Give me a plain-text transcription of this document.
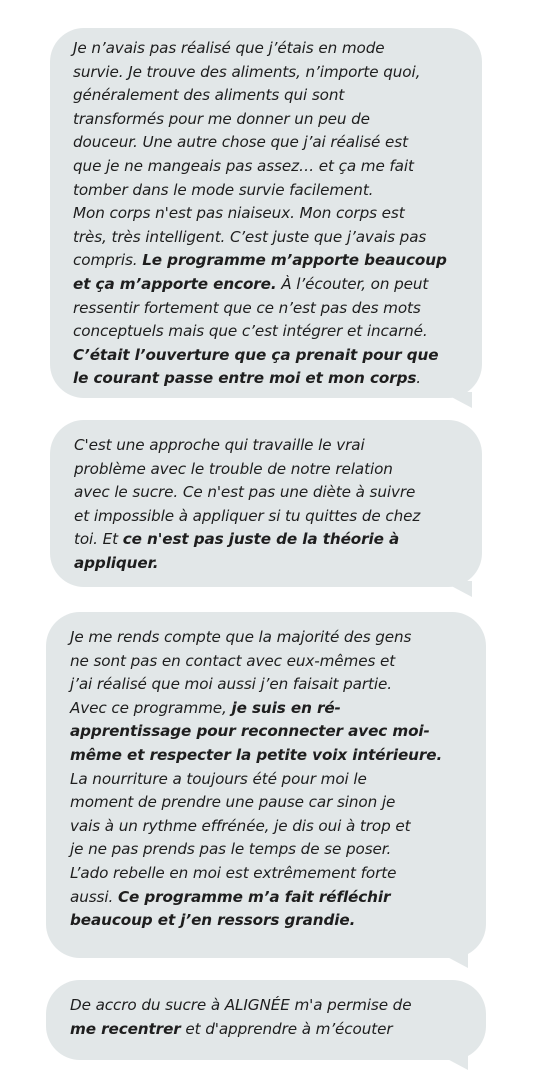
Je n’avais pas réalisé que j’étais en mode
survie. Je trouve des aliments, n’importe quoi,
généralement des aliments qui sont
transformés pour me donner un peu de
douceur. Une autre chose que j’ai réalisé est
que je ne mangeais pas assez… et ça me fait
tomber dans le mode survie facilement.
Mon corps n'est pas niaiseux. Mon corps est
très, très intelligent. C’est juste que j’avais pas
compris. Le programme m’apporte beaucoup
et ça m’apporte encore. À l’écouter, on peut
ressentir fortement que ce n’est pas des mots
conceptuels mais que c’est intégrer et incarné.
C’était l’ouverture que ça prenait pour que
le courant passe entre moi et mon corps.
C'est une approche qui travaille le vrai
problème avec le trouble de notre relation
avec le sucre. Ce n'est pas une diète à suivre
et impossible à appliquer si tu quittes de chez
toi. Et ce n'est pas juste de la théorie à
appliquer.
Je me rends compte que la majorité des gens
ne sont pas en contact avec eux-mêmes et
j’ai réalisé que moi aussi j’en faisait partie.
Avec ce programme, je suis en ré-
apprentissage pour reconnecter avec moi-
même et respecter la petite voix intérieure.
La nourriture a toujours été pour moi le
moment de prendre une pause car sinon je
vais à un rythme effrénée, je dis oui à trop et
je ne pas prends pas le temps de se poser.
L’ado rebelle en moi est extrêmement forte
aussi. Ce programme m’a fait réfléchir
beaucoup et j’en ressors grandie.
De accro du sucre à ALIGNÉE m'a permise de
me recentrer et d'apprendre à m’écouter
